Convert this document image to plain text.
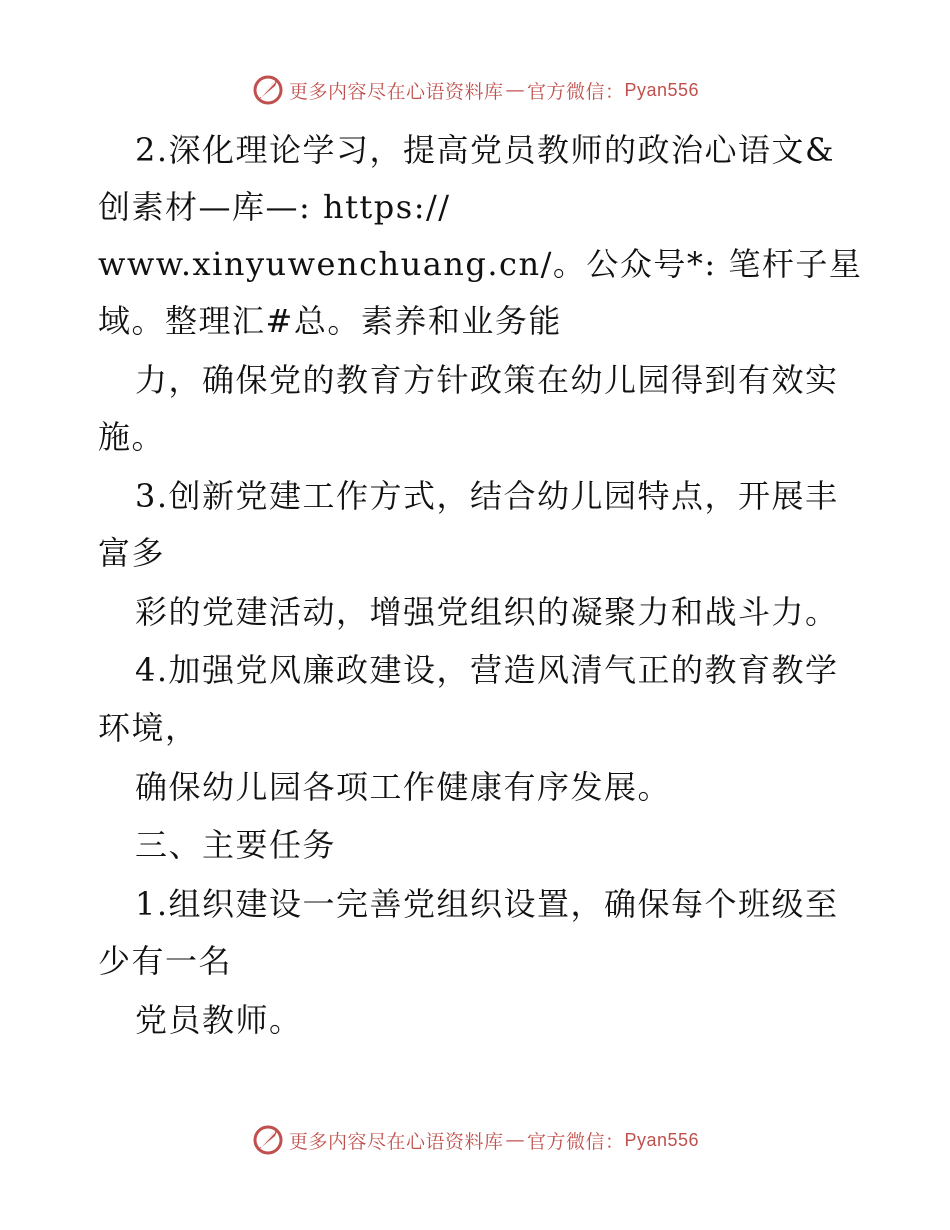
更多内容尽在心语资料库 — 官方微信： Pyan556
2.深化理论学习，提高党员教师的政治心语文&
创素材—库—: https://
www.xinyuwenchuang.cn/。公众号*: 笔杆子星
域。整理汇#总。素养和业务能
力，确保党的教育方针政策在幼儿园得到有效实
施。
3.创新党建工作方式，结合幼儿园特点，开展丰
富多
彩的党建活动，增强党组织的凝聚力和战斗力。
4.加强党风廉政建设，营造风清气正的教育教学
环境，
确保幼儿园各项工作健康有序发展。
三、主要任务
1.组织建设一完善党组织设置，确保每个班级至
少有一名
党员教师。
更多内容尽在心语资料库 — 官方微信： Pyan556
